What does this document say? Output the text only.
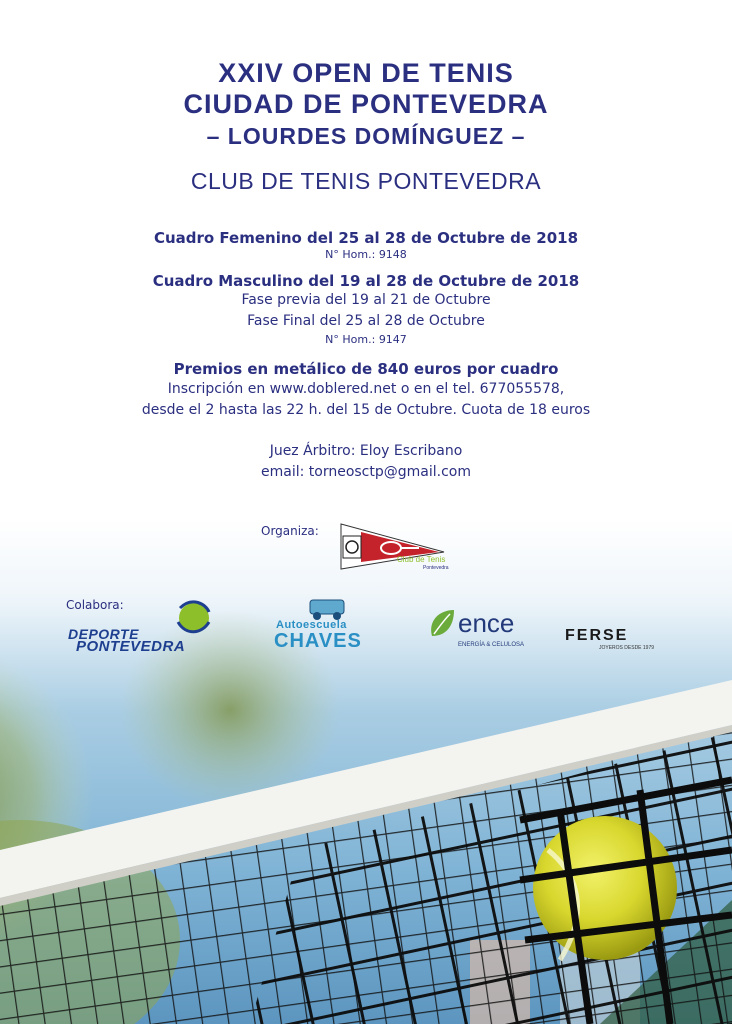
XXIV OPEN DE TENIS
CIUDAD DE PONTEVEDRA
– LOURDES DOMÍNGUEZ –
CLUB DE TENIS PONTEVEDRA
Cuadro Femenino del 25 al 28 de Octubre de 2018
N° Hom.: 9148
Cuadro Masculino del 19 al 28 de Octubre de 2018
Fase previa del 19 al 21 de Octubre
Fase Final del 25 al 28 de Octubre
N° Hom.: 9147
Premios en metálico de 840 euros por cuadro
Inscripción en www.doblered.net o en el tel. 677055578,
desde el 2 hasta las 22 h. del 15 de Octubre. Cuota de 18 euros
Juez Árbitro: Eloy Escribano
email: torneosctp@gmail.com
Organiza:
Club de Tenis
Pontevedra
Colabora:
DEPORTE
PONTEVEDRA
Autoescuela
CHAVES
ence
ENERGÍA & CELULOSA
FERSE
JOYEROS DESDE 1979
